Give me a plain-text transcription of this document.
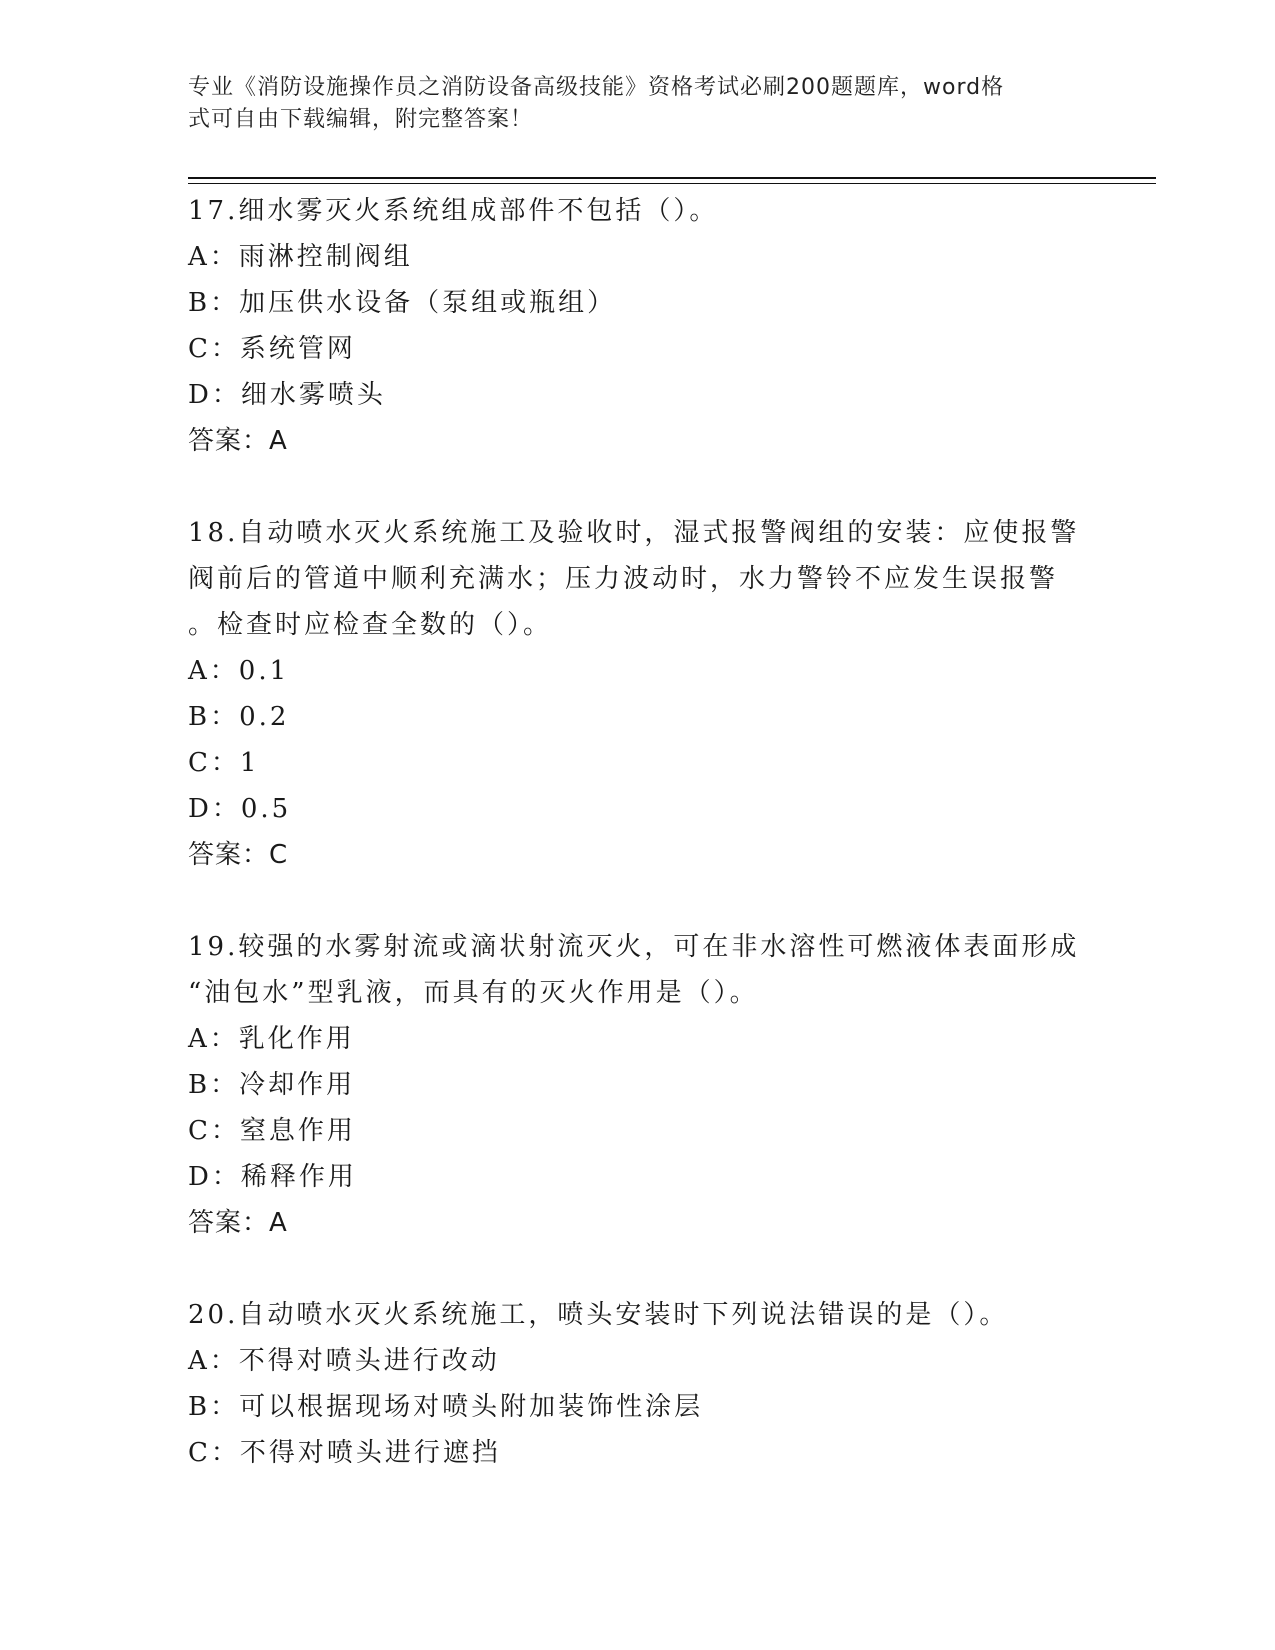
专业《消防设施操作员之消防设备高级技能》资格考试必刷200题题库，word格
式可自由下载编辑，附完整答案！
17.细水雾灭火系统组成部件不包括（）。
A：雨淋控制阀组
B：加压供水设备（泵组或瓶组）
C：系统管网
D：细水雾喷头
答案：A
18.自动喷水灭火系统施工及验收时，湿式报警阀组的安装：应使报警
阀前后的管道中顺利充满水；压力波动时，水力警铃不应发生误报警
。检查时应检查全数的（）。
A：0.1
B：0.2
C：1
D：0.5
答案：C
19.较强的水雾射流或滴状射流灭火，可在非水溶性可燃液体表面形成
“油包水”型乳液，而具有的灭火作用是（）。
A：乳化作用
B：冷却作用
C：窒息作用
D：稀释作用
答案：A
20.自动喷水灭火系统施工，喷头安装时下列说法错误的是（）。
A：不得对喷头进行改动
B：可以根据现场对喷头附加装饰性涂层
C：不得对喷头进行遮挡
